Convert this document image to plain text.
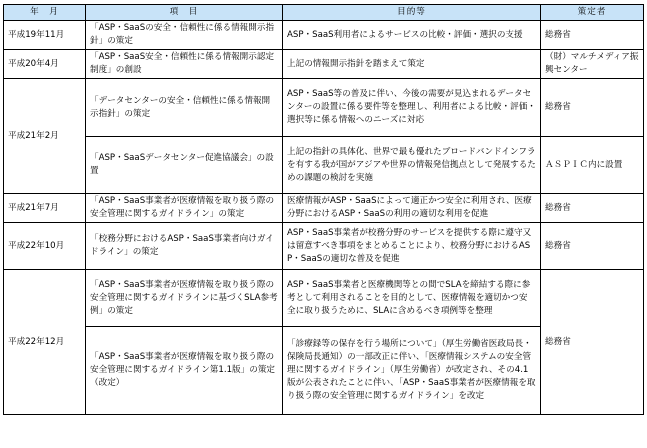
年　月	項　目	目的等	策定者
平成19年11月	「ASP・SaaSの安全・信頼性に係る情報開示指針」の策定	ASP・SaaS利用者によるサービスの比較・評価・選択の支援	総務省
平成20年4月	「ASP・SaaS安全・信頼性に係る情報開示認定制度」の創設	上記の情報開示指針を踏まえて策定	（財）マルチメディア振興センター
平成21年2月	「データセンターの安全・信頼性に係る情報開示指針」の策定	ASP・SaaS等の普及に伴い、今後の需要が見込まれるデータセンターの設置に係る要件等を整理し、利用者による比較・評価・選択等に係る情報へのニーズに対応	総務省
	「ASP・SaaSデータセンター促進協議会」の設置	上記の指針の具体化、世界で最も優れたブロードバンドインフラを有する我が国がアジアや世界の情報発信拠点として発展するための課題の検討を実施	ＡＳＰＩＣ内に設置
平成21年7月	「ASP・SaaS事業者が医療情報を取り扱う際の安全管理に関するガイドライン」の策定	医療情報がASP・SaaSによって適正かつ安全に利用され、医療分野におけるASP・SaaSの利用の適切な利用を促進	総務省
平成22年10月	「校務分野におけるASP・SaaS事業者向けガイドライン」の策定	ASP・SaaS事業者が校務分野のサービスを提供する際に遵守又は留意すべき事項をまとめることにより、校務分野におけるASP・SaaSの適切な普及を促進	総務省
平成22年12月	「ASP・SaaS事業者が医療情報を取り扱う際の安全管理に関するガイドラインに基づくSLA参考例」の策定	ASP・SaaS事業者と医療機関等との間でSLAを締結する際に参考として利用されることを目的として、医療情報を適切かつ安全に取り扱うために、SLAに含めるべき項例等を整理	総務省
	「ASP・SaaS事業者が医療情報を取り扱う際の安全管理に関するガイドライン第1.1版」の策定（改定）	「診療録等の保存を行う場所について」（厚生労働省医政局長・保険局長通知）の一部改正に伴い、「医療情報システムの安全管理に関するガイドライン」（厚生労働省）が改定され、その4.1版が公表されたことに伴い、「ASP・SaaS事業者が医療情報を取り扱う際の安全管理に関するガイドライン」を改定	
